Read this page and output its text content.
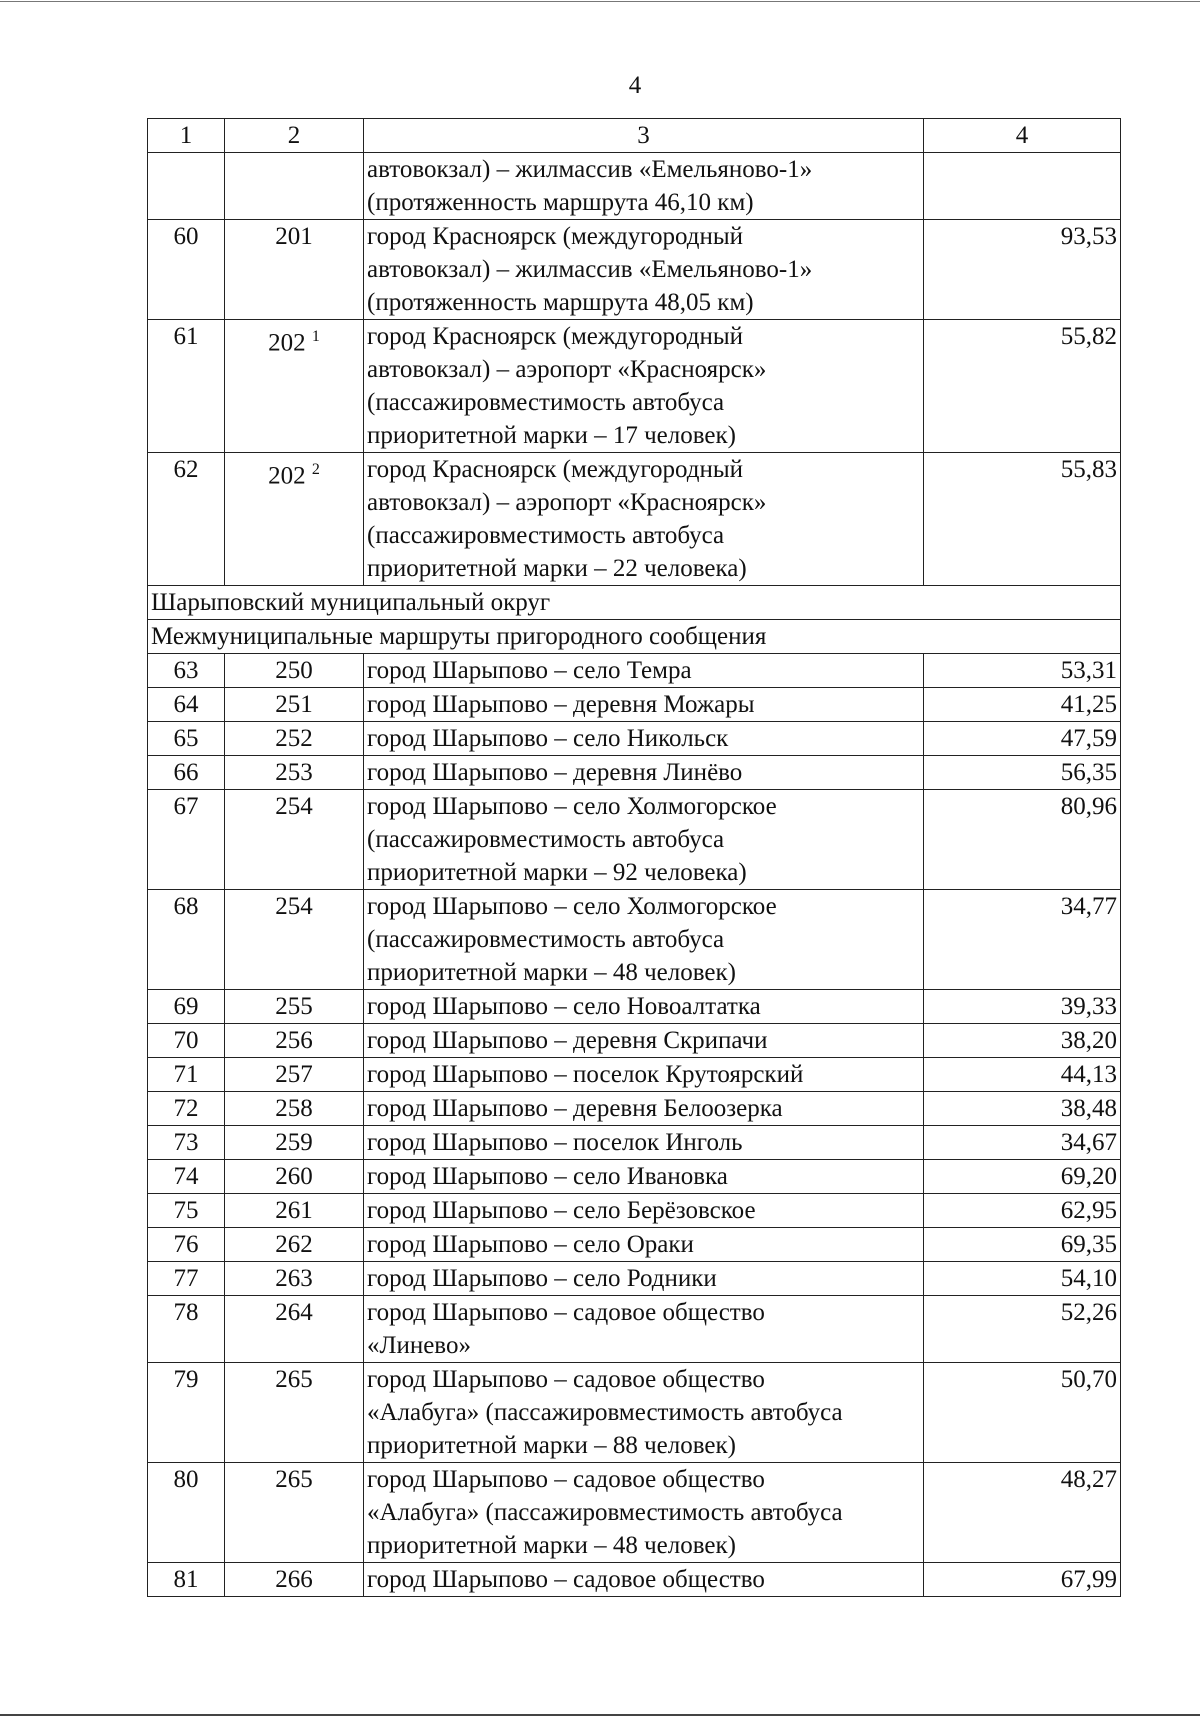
4
1	2	3	4

		автовокзал) – жилмассив «Емельяново-1»
(протяженность маршрута 46,10 км)	

60	201	город Красноярск (междугородный
автовокзал) – жилмассив «Емельяново-1»
(протяженность маршрута 48,05 км)	93,53
61	202 $^1$	город Красноярск (междугородный
автовокзал) – аэропорт «Красноярск»
(пассажировместимость автобуса
приоритетной марки – 17 человек)	55,82
62	202 $^2$	город Красноярск (междугородный
автовокзал) – аэропорт «Красноярск»
(пассажировместимость автобуса
приоритетной марки – 22 человека)	55,83
Шарыповский муниципальный округ			
Межмуниципальные маршруты пригородного сообщения			
63	250	город Шарыпово – село Темра	53,31
64	251	город Шарыпово – деревня Можары	41,25
65	252	город Шарыпово – село Никольск	47,59
66	253	город Шарыпово – деревня Линёво	56,35
67	254	город Шарыпово – село Холмогорское
(пассажировместимость автобуса
приоритетной марки – 92 человека)	80,96
68	254	город Шарыпово – село Холмогорское
(пассажировместимость автобуса
приоритетной марки – 48 человек)	34,77
69	255	город Шарыпово – село Новоалтатка	39,33
70	256	город Шарыпово – деревня Скрипачи	38,20
71	257	город Шарыпово – поселок Крутоярский	44,13
72	258	город Шарыпово – деревня Белоозерка	38,48
73	259	город Шарыпово – поселок Инголь	34,67
74	260	город Шарыпово – село Ивановка	69,20
75	261	город Шарыпово – село Берёзовское	62,95
76	262	город Шарыпово – село Ораки	69,35
77	263	город Шарыпово – село Родники	54,10
78	264	город Шарыпово – садовое общество
«Линево»	52,26
79	265	город Шарыпово – садовое общество
«Алабуга» (пассажировместимость автобуса
приоритетной марки – 88 человек)	50,70
80	265	город Шарыпово – садовое общество
«Алабуга» (пассажировместимость автобуса
приоритетной марки – 48 человек)	48,27
81	266	город Шарыпово – садовое общество	67,99
